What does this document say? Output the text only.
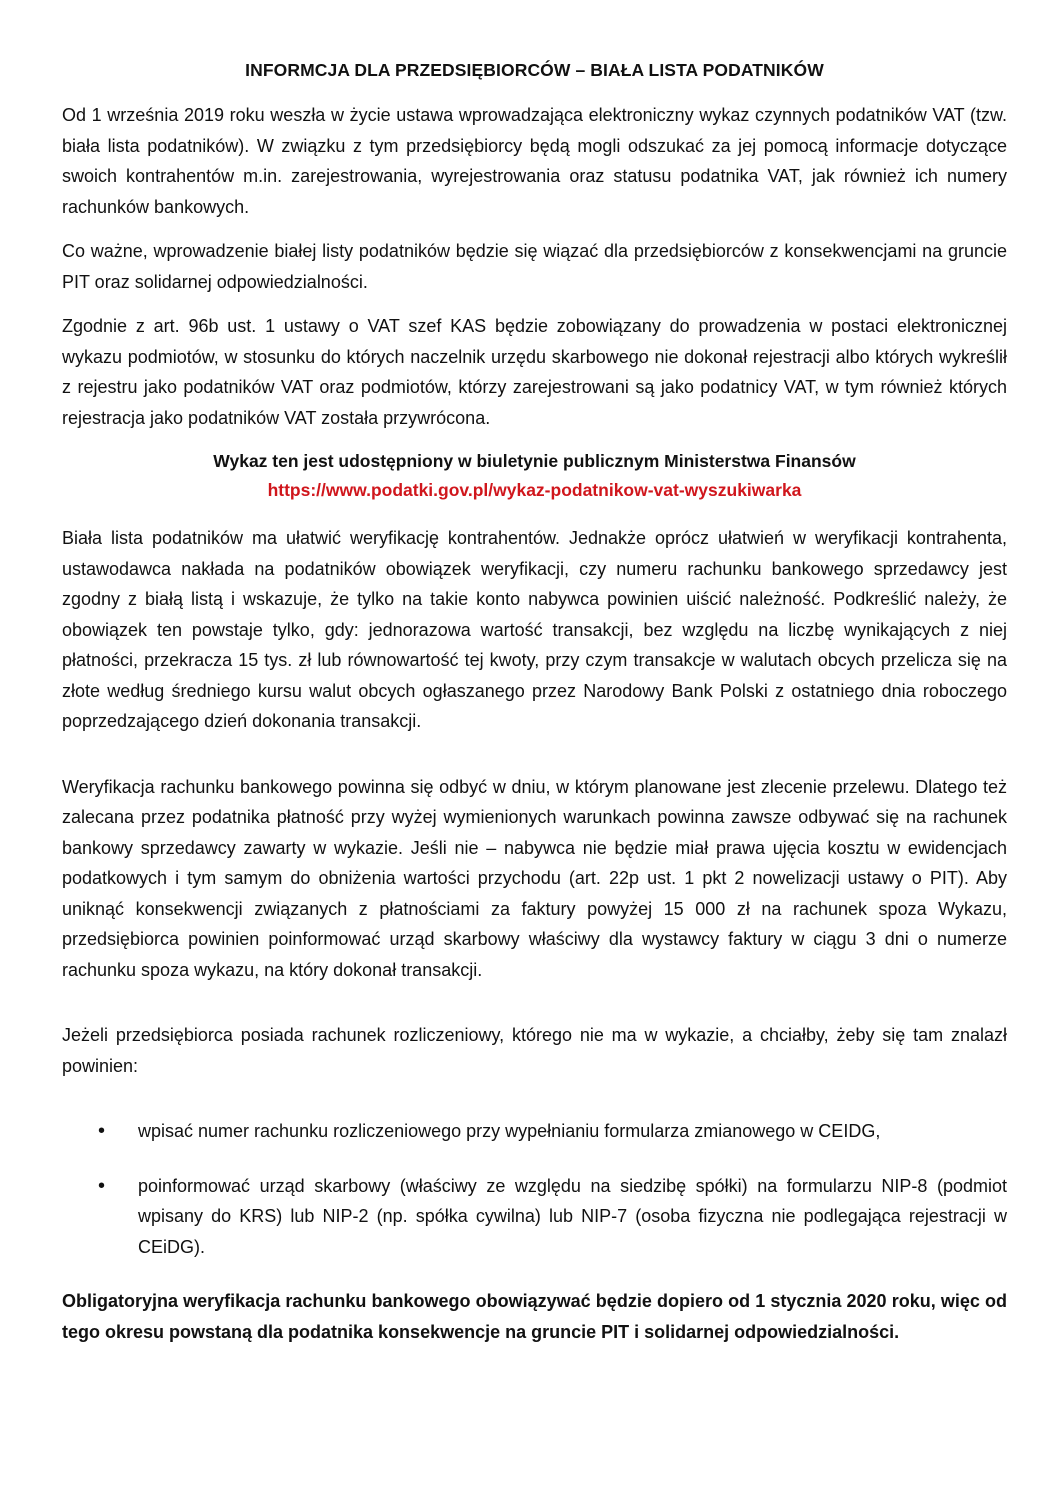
INFORMCJA DLA PRZEDSIĘBIORCÓW – BIAŁA LISTA PODATNIKÓW

Od 1 września 2019 roku weszła w życie ustawa wprowadzająca elektroniczny wykaz czynnych podatników VAT (tzw. biała lista podatników). W związku z tym przedsiębiorcy będą mogli odszukać za jej pomocą informacje dotyczące swoich kontrahentów m.in. zarejestrowania, wyrejestrowania oraz statusu podatnika VAT, jak również ich numery rachunków bankowych.

Co ważne, wprowadzenie białej listy podatników będzie się wiązać dla przedsiębiorców z konsekwencjami na gruncie PIT oraz solidarnej odpowiedzialności.

Zgodnie z art. 96b ust. 1 ustawy o VAT szef KAS będzie zobowiązany do prowadzenia w postaci elektronicznej wykazu podmiotów, w stosunku do których naczelnik urzędu skarbowego nie dokonał rejestracji albo których wykreślił z rejestru jako podatników VAT oraz podmiotów, którzy zarejestrowani są jako podatnicy VAT, w tym również których rejestracja jako podatników VAT została przywrócona.

Wykaz ten jest udostępniony w biuletynie publicznym Ministerstwa Finansów
https://www.podatki.gov.pl/wykaz-podatnikow-vat-wyszukiwarka

Biała lista podatników ma ułatwić weryfikację kontrahentów. Jednakże oprócz ułatwień w weryfikacji kontrahenta, ustawodawca nakłada na podatników obowiązek weryfikacji, czy numeru rachunku bankowego sprzedawcy jest zgodny z białą listą i wskazuje, że tylko na takie konto nabywca powinien uiścić należność. Podkreślić należy, że obowiązek ten powstaje tylko, gdy: jednorazowa wartość transakcji, bez względu na liczbę wynikających z niej płatności, przekracza 15 tys. zł lub równowartość tej kwoty, przy czym transakcje w walutach obcych przelicza się na złote według średniego kursu walut obcych ogłaszanego przez Narodowy Bank Polski z ostatniego dnia roboczego poprzedzającego dzień dokonania transakcji.

Weryfikacja rachunku bankowego powinna się odbyć w dniu, w którym planowane jest zlecenie przelewu. Dlatego też zalecana przez podatnika płatność przy wyżej wymienionych warunkach powinna zawsze odbywać się na rachunek bankowy sprzedawcy zawarty w wykazie. Jeśli nie – nabywca nie będzie miał prawa ujęcia kosztu w ewidencjach podatkowych i tym samym do obniżenia wartości przychodu (art. 22p ust. 1 pkt 2 nowelizacji ustawy o PIT). Aby uniknąć konsekwencji związanych z płatnościami za faktury powyżej 15 000 zł na rachunek spoza Wykazu, przedsiębiorca powinien poinformować urząd skarbowy właściwy dla wystawcy faktury w ciągu 3 dni o numerze rachunku spoza wykazu, na który dokonał transakcji.

Jeżeli przedsiębiorca posiada rachunek rozliczeniowy, którego nie ma w wykazie, a chciałby, żeby się tam znalazł powinien:

• wpisać numer rachunku rozliczeniowego przy wypełnianiu formularza zmianowego w CEIDG,
• poinformować urząd skarbowy (właściwy ze względu na siedzibę spółki) na formularzu NIP-8 (podmiot wpisany do KRS) lub NIP-2 (np. spółka cywilna) lub NIP-7 (osoba fizyczna nie podlegająca rejestracji w CEiDG).

Obligatoryjna weryfikacja rachunku bankowego obowiązywać będzie dopiero od 1 stycznia 2020 roku, więc od tego okresu powstaną dla podatnika konsekwencje na gruncie PIT i solidarnej odpowiedzialności.
